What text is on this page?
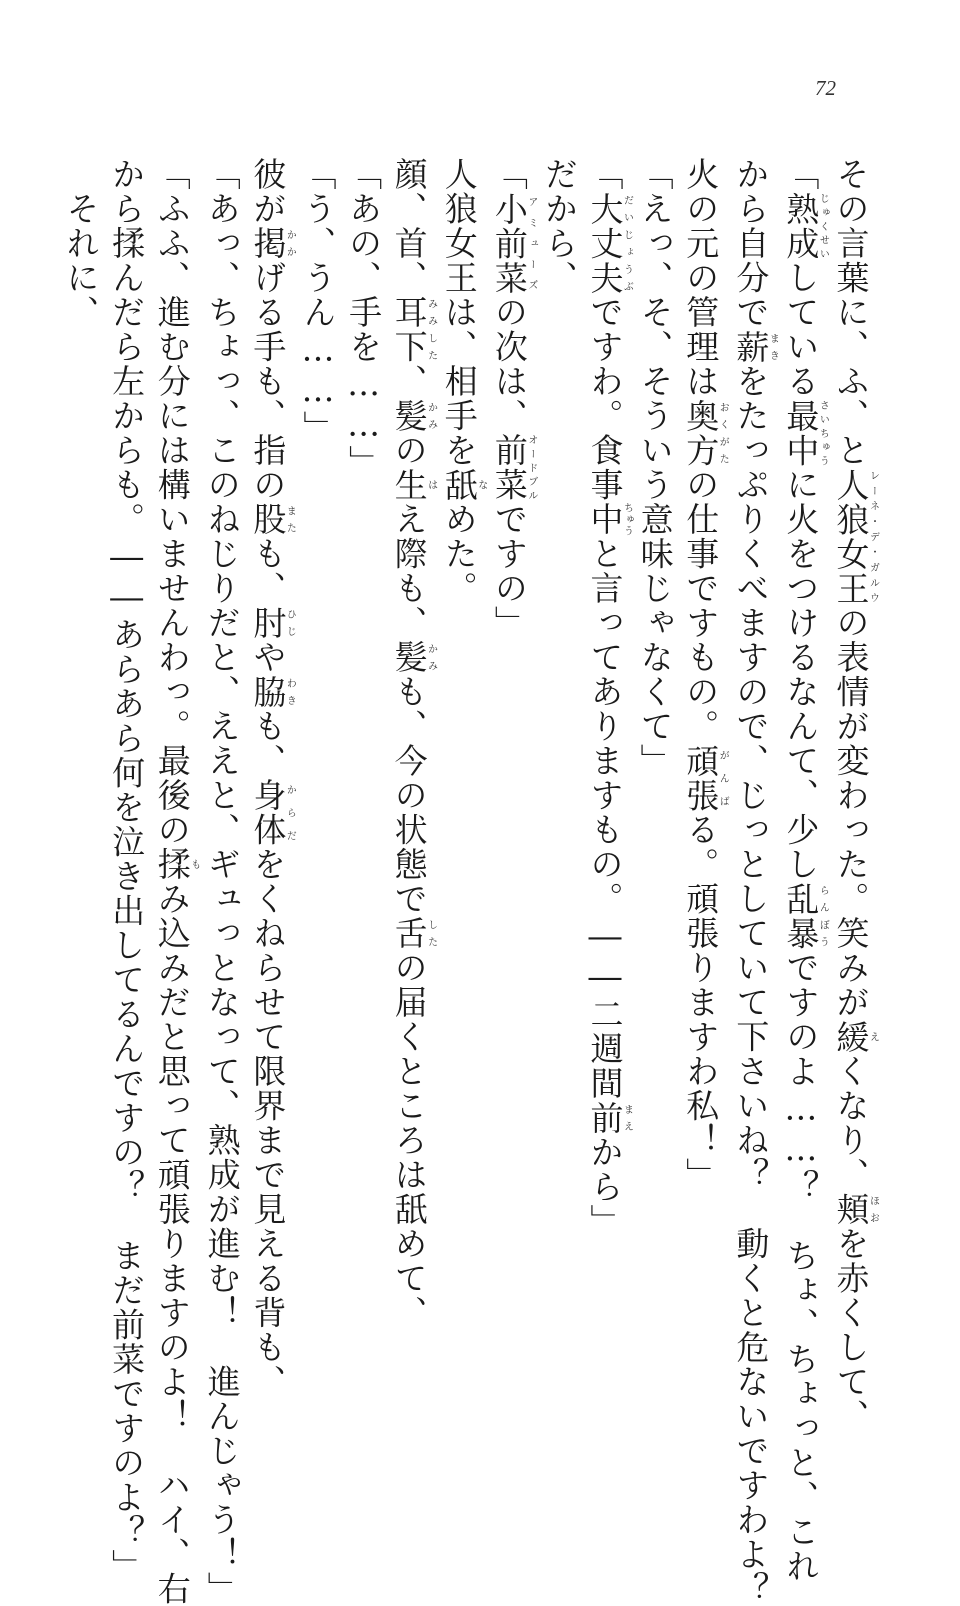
72
その言葉に、ふ、と人狼女王レーネ・デ・ガルウの表情が変わった。笑みが緩えくなり、頬ほおを赤くして、
「熟成じゅくせいしている最中さいちゅうに火をつけるなんて、少し乱暴らんぼうですのよ……？　ちょ、ちょっと、これ
から自分で薪まきをたっぷりくべますので、じっとしていて下さいね？　動くと危ないですわよ？
火の元の管理は奥方おくがたの仕事ですもの。頑張がんばる。頑張りますわ私！」
「えっ、そ、そういう意味じゃなくて」
「大丈夫だいじょうぶですわ。食事中ちゅうと言ってありますもの。――二週間前まえから」
だから、
「小前菜アミューズの次は、前菜オードブルですの」
人狼女王は、相手を舐なめた。
顔、首、耳下みみした、髪かみの生はえ際も、髪かみも、今の状態で舌したの届くところは舐めて、
「あの、手を……」
「う、うん……」
彼が掲かかげる手も、指の股またも、肘ひじや脇わきも、身体からだをくねらせて限界まで見える背も、
「あっ、ちょっ、このねじりだと、ええと、ギュっとなって、熟成が進む！　進んじゃう！」
「ふふ、進む分には構いませんわっ。最後の揉もみ込みだと思って頑張りますのよ！　ハイ、右
から揉んだら左からも。――あらあら何を泣き出してるんですの？　まだ前菜ですのよ？」
　それに、
